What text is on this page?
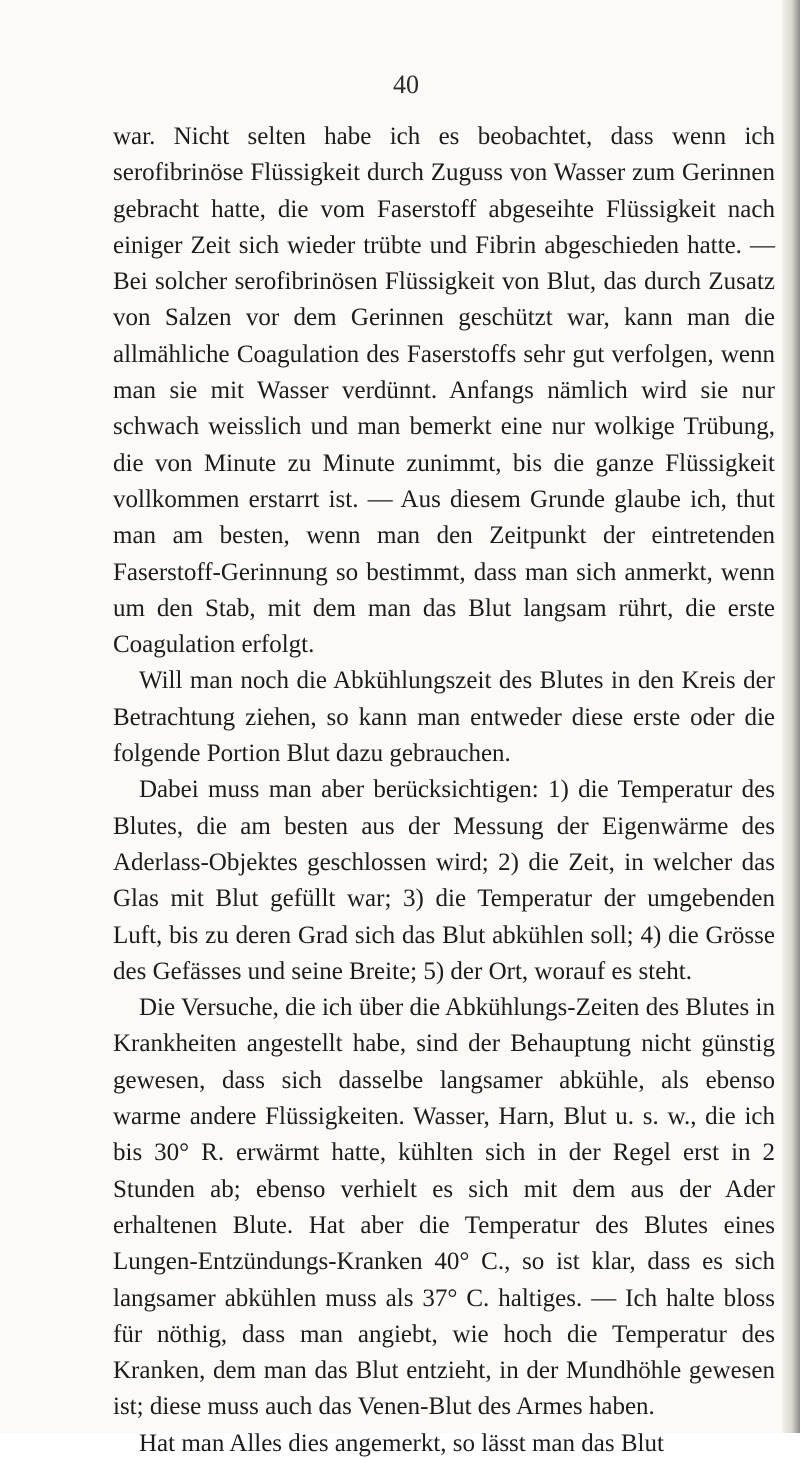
40

war. Nicht selten habe ich es beobachtet, dass wenn ich serofibrinöse Flüssigkeit durch Zuguss von Wasser zum Gerinnen gebracht hatte, die vom Faserstoff abgeseihte Flüssigkeit nach einiger Zeit sich wieder trübte und Fibrin abgeschieden hatte. — Bei solcher serofibrinösen Flüssigkeit von Blut, das durch Zusatz von Salzen vor dem Gerinnen geschützt war, kann man die allmähliche Coagulation des Faserstoffs sehr gut verfolgen, wenn man sie mit Wasser verdünnt. Anfangs nämlich wird sie nur schwach weisslich und man bemerkt eine nur wolkige Trübung, die von Minute zu Minute zunimmt, bis die ganze Flüssigkeit vollkommen erstarrt ist. — Aus diesem Grunde glaube ich, thut man am besten, wenn man den Zeitpunkt der eintretenden Faserstoff-Gerinnung so bestimmt, dass man sich anmerkt, wenn um den Stab, mit dem man das Blut langsam rührt, die erste Coagulation erfolgt.

Will man noch die Abkühlungszeit des Blutes in den Kreis der Betrachtung ziehen, so kann man entweder diese erste oder die folgende Portion Blut dazu gebrauchen.

Dabei muss man aber berücksichtigen: 1) die Temperatur des Blutes, die am besten aus der Messung der Eigenwärme des Aderlass-Objektes geschlossen wird; 2) die Zeit, in welcher das Glas mit Blut gefüllt war; 3) die Temperatur der umgebenden Luft, bis zu deren Grad sich das Blut abkühlen soll; 4) die Grösse des Gefässes und seine Breite; 5) der Ort, worauf es steht.

Die Versuche, die ich über die Abkühlungs-Zeiten des Blutes in Krankheiten angestellt habe, sind der Behauptung nicht günstig gewesen, dass sich dasselbe langsamer abkühle, als ebenso warme andere Flüssigkeiten. Wasser, Harn, Blut u. s. w., die ich bis 30° R. erwärmt hatte, kühlten sich in der Regel erst in 2 Stunden ab; ebenso verhielt es sich mit dem aus der Ader erhaltenen Blute. Hat aber die Temperatur des Blutes eines Lungen-Entzündungs-Kranken 40° C., so ist klar, dass es sich langsamer abkühlen muss als 37° C. haltiges. — Ich halte bloss für nöthig, dass man angiebt, wie hoch die Temperatur des Kranken, dem man das Blut entzieht, in der Mundhöhle gewesen ist; diese muss auch das Venen-Blut des Armes haben.

Hat man Alles dies angemerkt, so lässt man das Blut
